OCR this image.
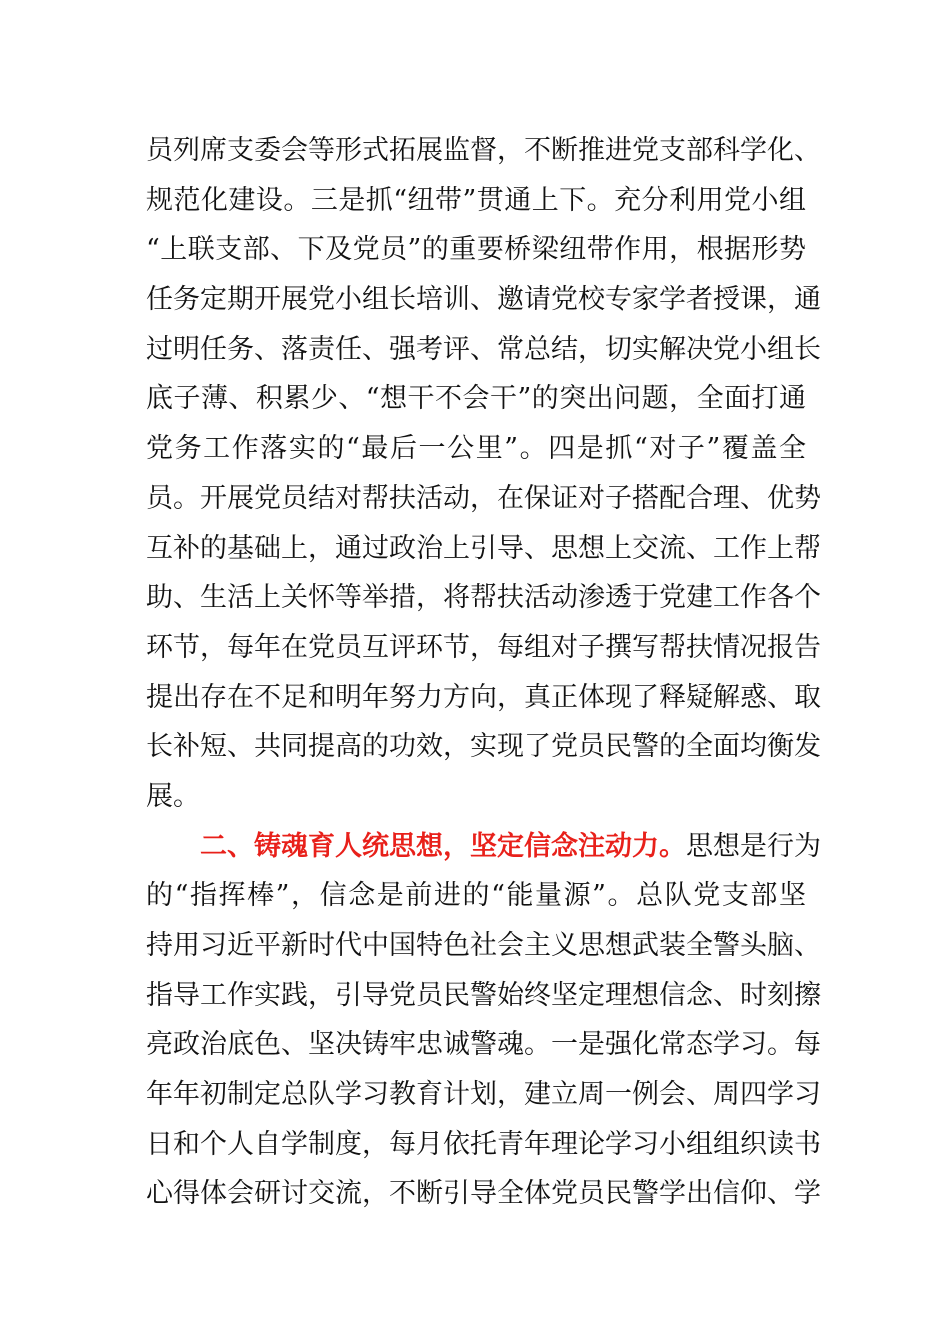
员列席支委会等形式拓展监督，不断推进党支部科学化、
规范化建设。三是抓“纽带”贯通上下。充分利用党小组
“上联支部、下及党员”的重要桥梁纽带作用，根据形势
任务定期开展党小组长培训、邀请党校专家学者授课，通
过明任务、落责任、强考评、常总结，切实解决党小组长
底子薄、积累少、“想干不会干”的突出问题，全面打通
党务工作落实的“最后一公里”。四是抓“对子”覆盖全
员。开展党员结对帮扶活动，在保证对子搭配合理、优势
互补的基础上，通过政治上引导、思想上交流、工作上帮
助、生活上关怀等举措，将帮扶活动渗透于党建工作各个
环节，每年在党员互评环节，每组对子撰写帮扶情况报告
提出存在不足和明年努力方向，真正体现了释疑解惑、取
长补短、共同提高的功效，实现了党员民警的全面均衡发
展。
二、铸魂育人统思想，坚定信念注动力。思想是行为
的“指挥棒”，信念是前进的“能量源”。总队党支部坚
持用习近平新时代中国特色社会主义思想武装全警头脑、
指导工作实践，引导党员民警始终坚定理想信念、时刻擦
亮政治底色、坚决铸牢忠诚警魂。一是强化常态学习。每
年年初制定总队学习教育计划，建立周一例会、周四学习
日和个人自学制度，每月依托青年理论学习小组组织读书
心得体会研讨交流，不断引导全体党员民警学出信仰、学
